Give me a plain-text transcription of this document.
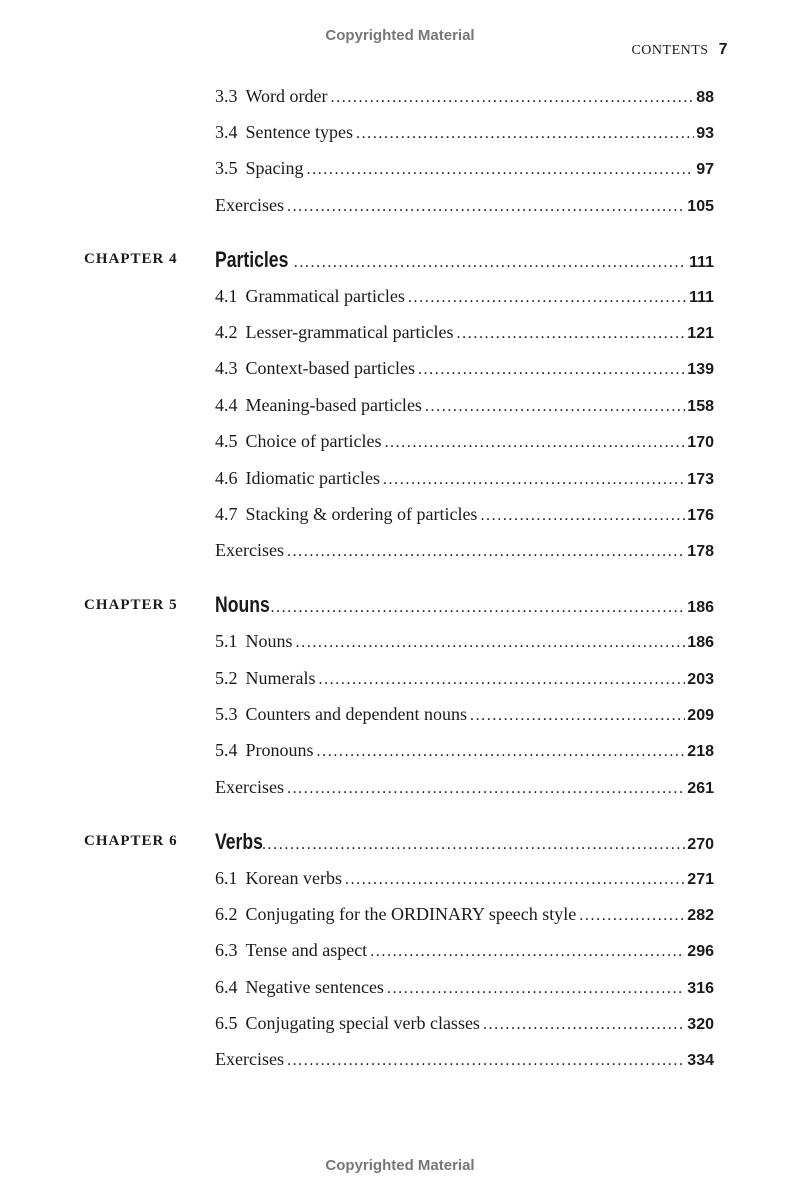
Copyrighted Material
CONTENTS 7
3.3 Word order .....	88
3.4 Sentence types .....	93
3.5 Spacing .....	97
Exercises .....	105
CHAPTER 4 Particles .....	111
4.1 Grammatical particles .....	111
4.2 Lesser-grammatical particles .....	121
4.3 Context-based particles .....	139
4.4 Meaning-based particles .....	158
4.5 Choice of particles .....	170
4.6 Idiomatic particles .....	173
4.7 Stacking & ordering of particles .....	176
Exercises .....	178
CHAPTER 5 Nouns .....	186
5.1 Nouns .....	186
5.2 Numerals .....	203
5.3 Counters and dependent nouns .....	209
5.4 Pronouns .....	218
Exercises .....	261
CHAPTER 6 Verbs .....	270
6.1 Korean verbs .....	271
6.2 Conjugating for the ORDINARY speech style .....	282
6.3 Tense and aspect .....	296
6.4 Negative sentences .....	316
6.5 Conjugating special verb classes .....	320
Exercises .....	334
Copyrighted Material
